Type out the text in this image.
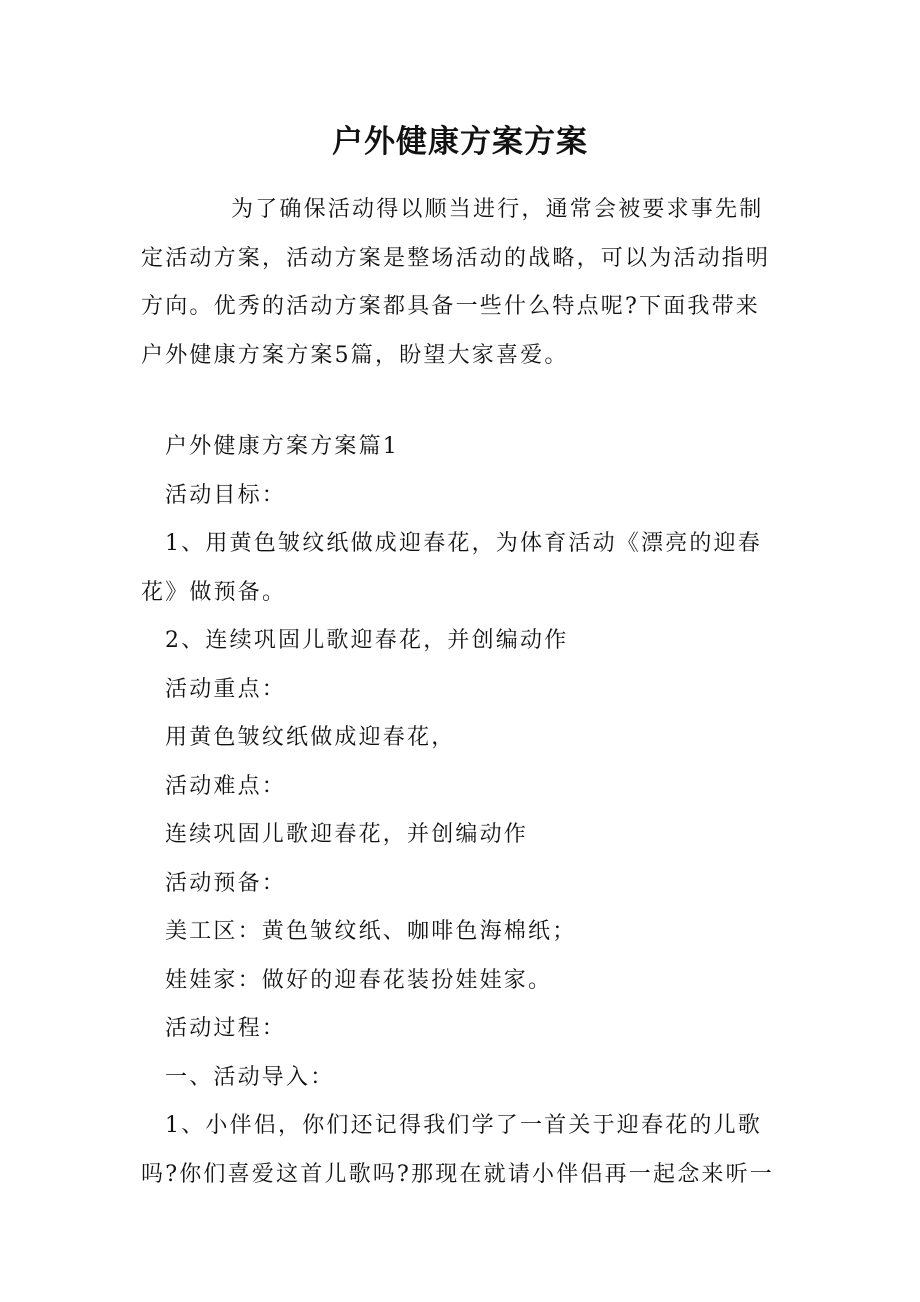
户外健康方案方案

为了确保活动得以顺当进行，通常会被要求事先制定活动方案，活动方案是整场活动的战略，可以为活动指明方向。优秀的活动方案都具备一些什么特点呢?下面我带来户外健康方案方案5篇，盼望大家喜爱。

户外健康方案方案篇1

活动目标：

1、用黄色皱纹纸做成迎春花，为体育活动《漂亮的迎春花》做预备。

2、连续巩固儿歌迎春花，并创编动作

活动重点：

用黄色皱纹纸做成迎春花，

活动难点：

连续巩固儿歌迎春花，并创编动作

活动预备：

美工区：黄色皱纹纸、咖啡色海棉纸；

娃娃家：做好的迎春花装扮娃娃家。

活动过程：

一、活动导入：

1、小伴侣，你们还记得我们学了一首关于迎春花的儿歌吗?你们喜爱这首儿歌吗?那现在就请小伴侣再一起念来听一
